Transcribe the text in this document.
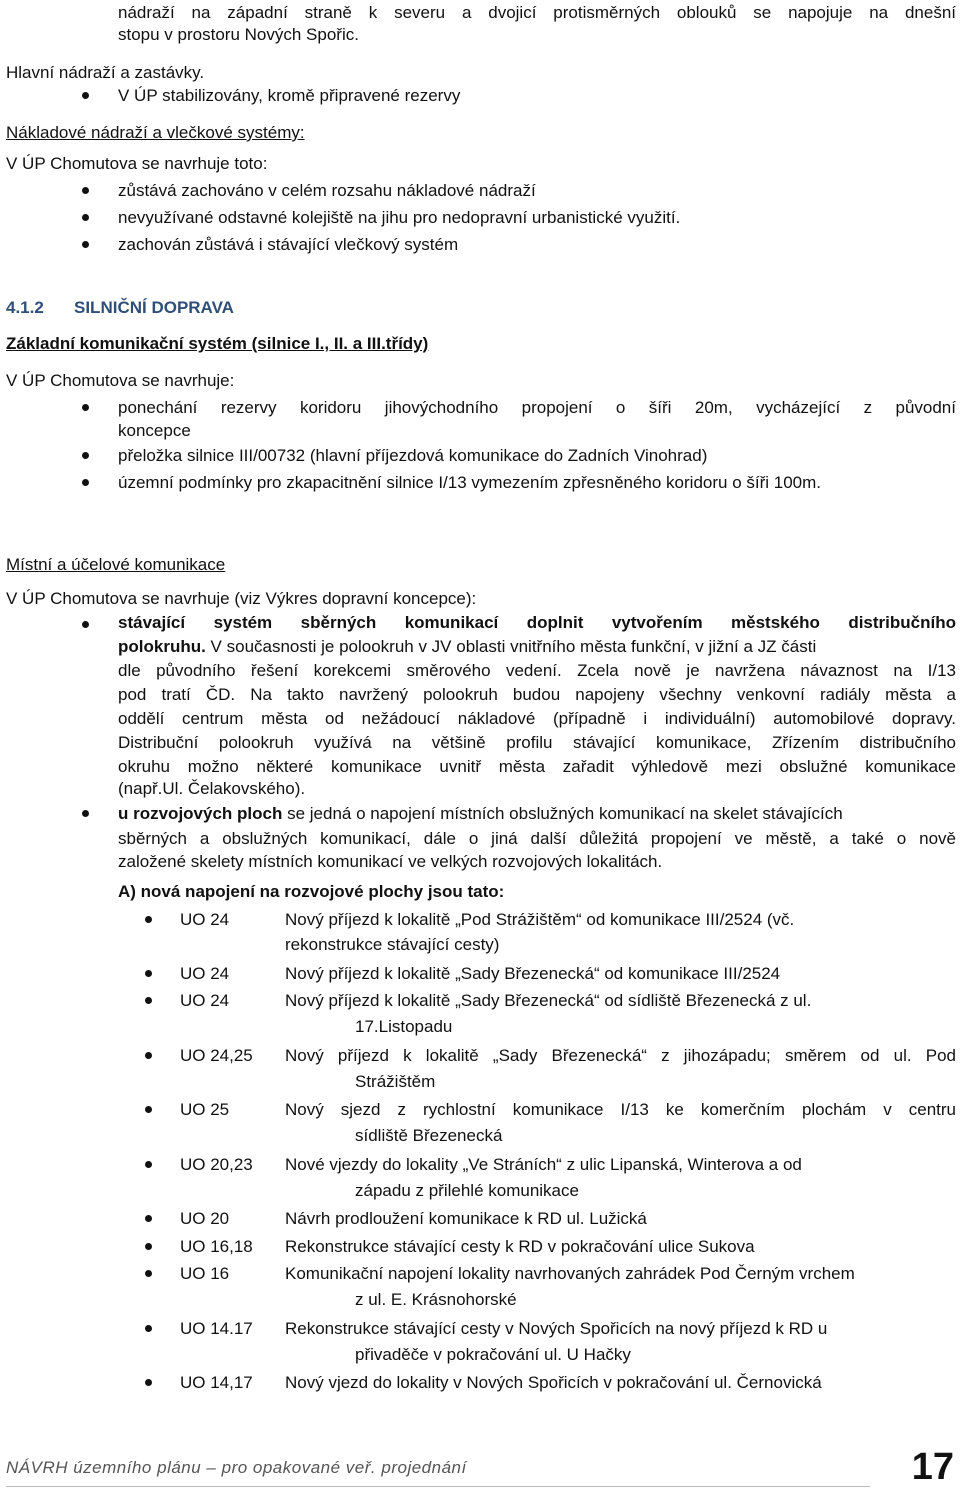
nádraží na západní straně k severu a dvojicí protisměrných oblouků se napojuje na dnešní
stopu v prostoru Nových Spořic.
Hlavní nádraží a zastávky.
V ÚP stabilizovány, kromě připravené rezervy
Nákladové nádraží a vlečkové systémy:
V ÚP Chomutova se navrhuje toto:
zůstává zachováno v celém rozsahu nákladové nádraží
nevyužívané odstavné kolejiště na jihu pro nedopravní urbanistické využití.
zachován zůstává i stávající vlečkový systém
4.1.2 SILNIČNÍ DOPRAVA
Základní komunikační systém (silnice I., II. a III.třídy)
V ÚP Chomutova se navrhuje:
ponechání rezervy koridoru jihovýchodního propojení o šíři 20m, vycházející z původní
koncepce
přeložka silnice III/00732 (hlavní příjezdová komunikace do Zadních Vinohrad)
územní podmínky pro zkapacitnění silnice I/13 vymezením zpřesněného koridoru o šíři 100m.
Místní a účelové komunikace
V ÚP Chomutova se navrhuje (viz Výkres dopravní koncepce):
stávající systém sběrných komunikací doplnit vytvořením městského distribučního
polokruhu. V současnosti je polookruh v JV oblasti vnitřního města funkční, v jižní a JZ části
dle původního řešení korekcemi směrového vedení. Zcela nově je navržena návaznost na I/13
pod tratí ČD. Na takto navržený polookruh budou napojeny všechny venkovní radiály města a
oddělí centrum města od nežádoucí nákladové (případně i individuální) automobilové dopravy.
Distribuční polookruh využívá na většině profilu stávající komunikace, Zřízením distribučního
okruhu možno některé komunikace uvnitř města zařadit výhledově mezi obslužné komunikace
(např.Ul. Čelakovského).
u rozvojových ploch se jedná o napojení místních obslužných komunikací na skelet stávajících
sběrných a obslužných komunikací, dále o jiná další důležitá propojení ve městě, a také o nově
založené skelety místních komunikací ve velkých rozvojových lokalitách.
A) nová napojení na rozvojové plochy jsou tato:
UO 24	Nový příjezd k lokalitě „Pod Strážištěm“ od komunikace III/2524 (vč.
rekonstrukce stávající cesty)
UO 24	Nový příjezd k lokalitě „Sady Březenecká“ od komunikace III/2524
UO 24	Nový příjezd k lokalitě „Sady Březenecká“ od sídliště Březenecká z ul.
17.Listopadu
UO 24,25	Nový příjezd k lokalitě „Sady Březenecká“ z jihozápadu; směrem od ul. Pod
Strážištěm
UO 25	Nový sjezd z rychlostní komunikace I/13 ke komerčním plochám v centru
sídliště Březenecká
UO 20,23	Nové vjezdy do lokality „Ve Stráních“ z ulic Lipanská, Winterova a od
západu z přilehlé komunikace
UO 20	Návrh prodloužení komunikace k RD ul. Lužická
UO 16,18	Rekonstrukce stávající cesty k RD v pokračování ulice Sukova
UO 16	Komunikační napojení lokality navrhovaných zahrádek Pod Černým vrchem
z ul. E. Krásnohorské
UO 14.17	Rekonstrukce stávající cesty v Nových Spořicích na nový příjezd k RD u
přivaděče v pokračování ul. U Hačky
UO 14,17	Nový vjezd do lokality v Nových Spořicích v pokračování ul. Černovická
NÁVRH územního plánu – pro opakované veř. projednání	17
